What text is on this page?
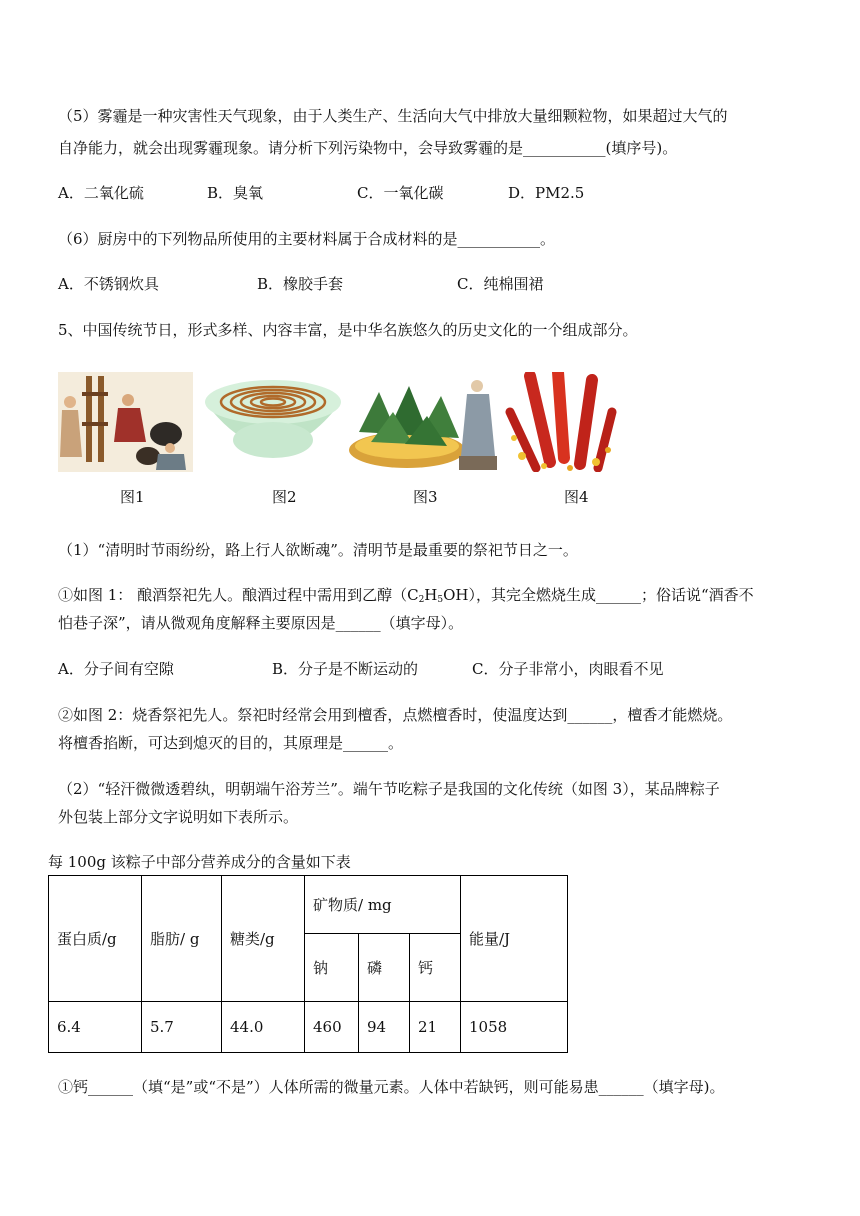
（5）雾霾是一种灾害性天气现象，由于人类生产、生活向大气中排放大量细颗粒物，如果超过大气的
自净能力，就会出现雾霾现象。请分析下列污染物中，会导致雾霾的是___________(填序号)。
A．二氧化硫	B．臭氧	C．一氧化碳	D．PM2.5
（6）厨房中的下列物品所使用的主要材料属于合成材料的是___________。
A．不锈钢炊具	B．橡胶手套	C．纯棉围裙
5、中国传统节日，形式多样、内容丰富，是中华名族悠久的历史文化的一个组成部分。
图1	图2	图3	图4
（1）“清明时节雨纷纷，路上行人欲断魂”。清明节是最重要的祭祀节日之一。
①如图 1： 酿酒祭祀先人。酿酒过程中需用到乙醇$(C_2H_5OH)$，其完全燃烧生成______；俗话说“酒香不
怕巷子深”，请从微观角度解释主要原因是______（填字母）。
A．分子间有空隙	B．分子是不断运动的	C．分子非常小，肉眼看不见
②如图 2：烧香祭祀先人。祭祀时经常会用到檀香，点燃檀香时，使温度达到______，檀香才能燃烧。
将檀香掐断，可达到熄灭的目的，其原理是______。
（2）“轻汗微微透碧纨，明朝端午浴芳兰”。端午节吃粽子是我国的文化传统（如图 3），某品牌粽子
外包装上部分文字说明如下表所示。
每 100g 该粽子中部分营养成分的含量如下表
蛋白质/g	脂肪/ g	糖类/g	矿物质/ mg			能量/J
			钠	磷	钙	
6.4	5.7	44.0	460	94	21	1058
①钙______（填“是”或“不是”）人体所需的微量元素。人体中若缺钙，则可能易患______（填字母)。
